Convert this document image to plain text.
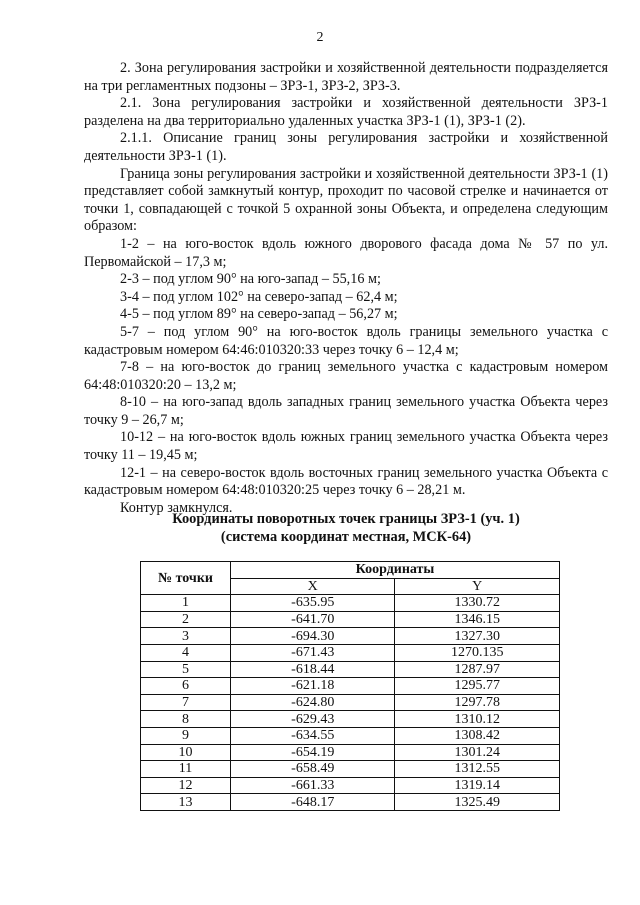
2

2. Зона регулирования застройки и хозяйственной деятельности подразделяется на три регламентных подзоны – ЗРЗ-1, ЗРЗ-2, ЗРЗ-3.

2.1. Зона регулирования застройки и хозяйственной деятельности ЗРЗ-1 разделена на два территориально удаленных участка ЗРЗ-1 (1), ЗРЗ-1 (2).

2.1.1. Описание границ зоны регулирования застройки и хозяйственной деятельности ЗРЗ-1 (1).

Граница зоны регулирования застройки и хозяйственной деятельности ЗРЗ-1 (1) представляет собой замкнутый контур, проходит по часовой стрелке и начинается от точки 1, совпадающей с точкой 5 охранной зоны Объекта, и определена следующим образом:

1-2 – на юго-восток вдоль южного дворового фасада дома № 57 по ул. Первомайской – 17,3 м;

2-3 – под углом 90° на юго-запад – 55,16 м;

3-4 – под углом 102° на северо-запад – 62,4 м;

4-5 – под углом 89° на северо-запад – 56,27 м;

5-7 – под углом 90° на юго-восток вдоль границы земельного участка с кадастровым номером 64:46:010320:33 через точку 6 – 12,4 м;

7-8 – на юго-восток до границ земельного участка с кадастровым номером 64:48:010320:20 – 13,2 м;

8-10 – на юго-запад вдоль западных границ земельного участка Объекта через точку 9 – 26,7 м;

10-12 – на юго-восток вдоль южных границ земельного участка Объекта через точку 11 – 19,45 м;

12-1 – на северо-восток вдоль восточных границ земельного участка Объекта с кадастровым номером 64:48:010320:25 через точку 6 – 28,21 м.

Контур замкнулся.

Координаты поворотных точек границы ЗРЗ-1 (уч. 1)
(система координат местная, МСК-64)
№ точки	Координаты	
	X	Y
1	-635.95	1330.72
2	-641.70	1346.15
3	-694.30	1327.30
4	-671.43	1270.135
5	-618.44	1287.97
6	-621.18	1295.77
7	-624.80	1297.78
8	-629.43	1310.12
9	-634.55	1308.42
10	-654.19	1301.24
11	-658.49	1312.55
12	-661.33	1319.14
13	-648.17	1325.49
